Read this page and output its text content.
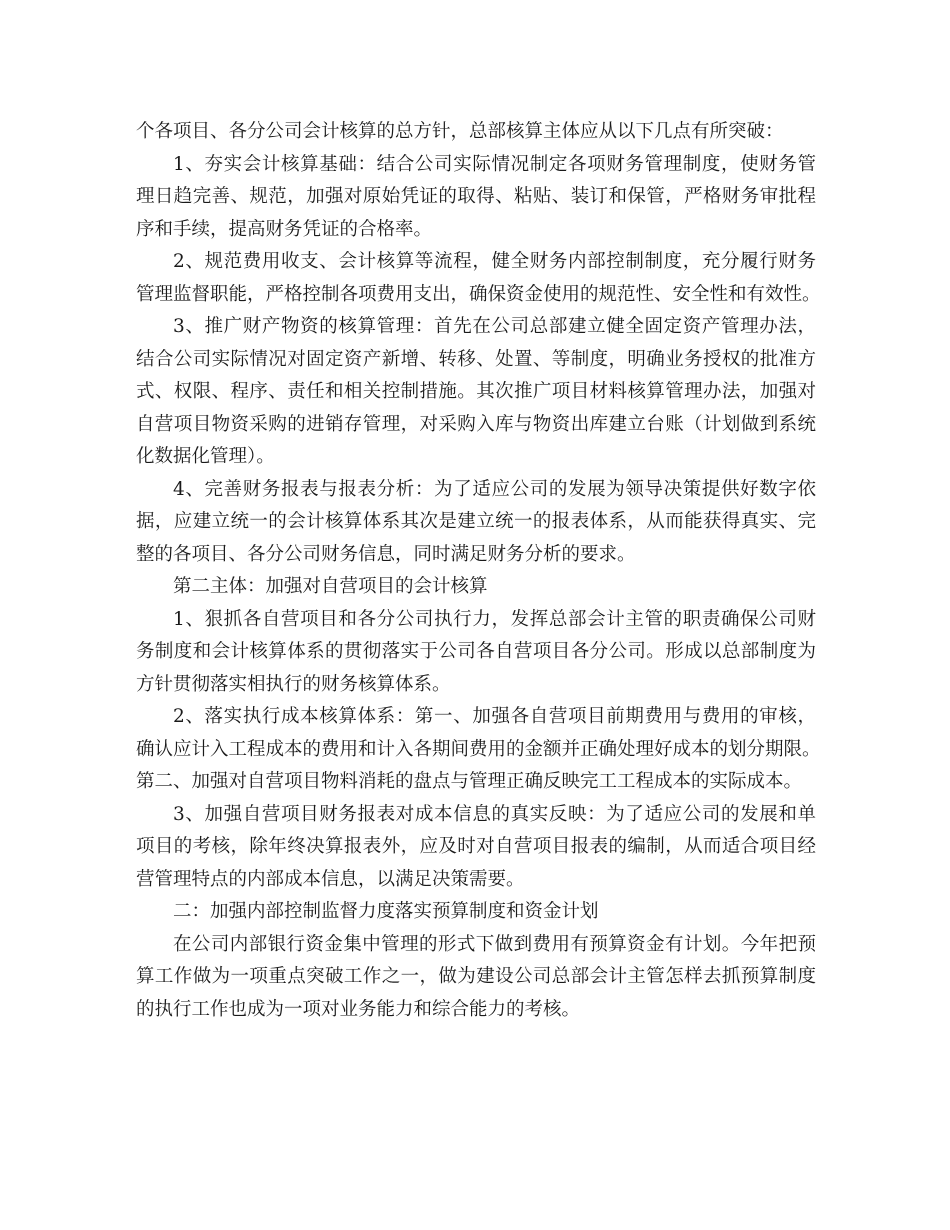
个各项目、各分公司会计核算的总方针，总部核算主体应从以下几点有所突破：
1、夯实会计核算基础：结合公司实际情况制定各项财务管理制度，使财务管
理日趋完善、规范，加强对原始凭证的取得、粘贴、装订和保管，严格财务审批程
序和手续，提高财务凭证的合格率。
2、规范费用收支、会计核算等流程，健全财务内部控制制度，充分履行财务
管理监督职能，严格控制各项费用支出，确保资金使用的规范性、安全性和有效性。
3、推广财产物资的核算管理：首先在公司总部建立健全固定资产管理办法，
结合公司实际情况对固定资产新增、转移、处置、等制度，明确业务授权的批准方
式、权限、程序、责任和相关控制措施。其次推广项目材料核算管理办法，加强对
自营项目物资采购的进销存管理，对采购入库与物资出库建立台账（计划做到系统
化数据化管理）。
4、完善财务报表与报表分析：为了适应公司的发展为领导决策提供好数字依
据，应建立统一的会计核算体系其次是建立统一的报表体系，从而能获得真实、完
整的各项目、各分公司财务信息，同时满足财务分析的要求。
第二主体：加强对自营项目的会计核算
1、狠抓各自营项目和各分公司执行力，发挥总部会计主管的职责确保公司财
务制度和会计核算体系的贯彻落实于公司各自营项目各分公司。形成以总部制度为
方针贯彻落实相执行的财务核算体系。
2、落实执行成本核算体系：第一、加强各自营项目前期费用与费用的审核，
确认应计入工程成本的费用和计入各期间费用的金额并正确处理好成本的划分期限。
第二、加强对自营项目物料消耗的盘点与管理正确反映完工工程成本的实际成本。
3、加强自营项目财务报表对成本信息的真实反映：为了适应公司的发展和单
项目的考核，除年终决算报表外，应及时对自营项目报表的编制，从而适合项目经
营管理特点的内部成本信息，以满足决策需要。
二：加强内部控制监督力度落实预算制度和资金计划
在公司内部银行资金集中管理的形式下做到费用有预算资金有计划。今年把预
算工作做为一项重点突破工作之一，做为建设公司总部会计主管怎样去抓预算制度
的执行工作也成为一项对业务能力和综合能力的考核。
